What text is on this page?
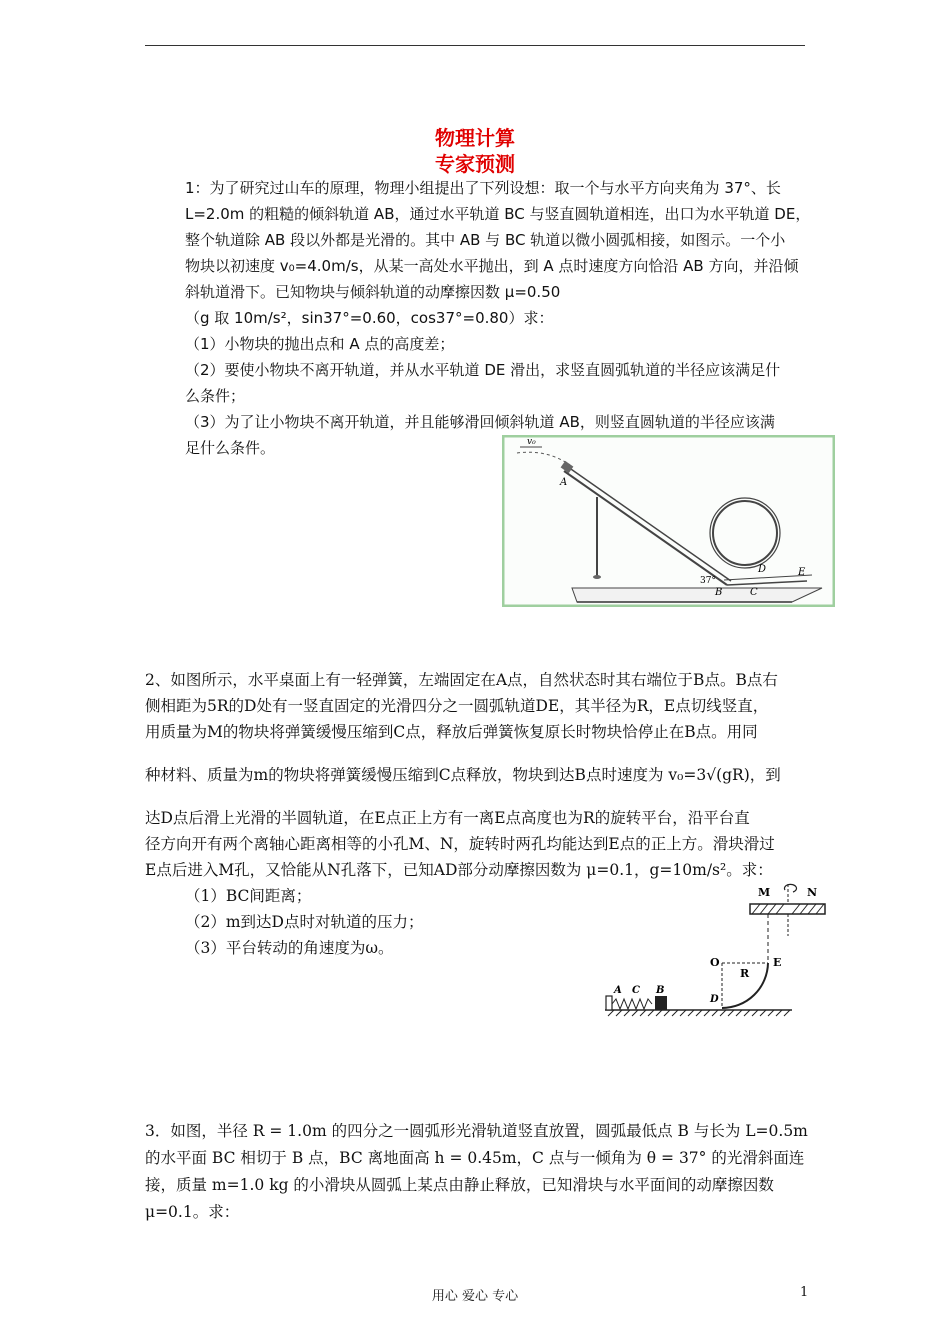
物理计算
专家预测
1：为了研究过山车的原理，物理小组提出了下列设想：取一个与水平方向夹角为 37°、长
L=2.0m 的粗糙的倾斜轨道 AB，通过水平轨道 BC 与竖直圆轨道相连，出口为水平轨道 DE，
整个轨道除 AB 段以外都是光滑的。其中 AB 与 BC 轨道以微小圆弧相接，如图示。一个小
物块以初速度 v₀=4.0m/s，从某一高处水平抛出，到 A 点时速度方向恰沿 AB 方向，并沿倾
斜轨道滑下。已知物块与倾斜轨道的动摩擦因数 μ=0.50
（g 取 10m/s²，sin37°=0.60，cos37°=0.80）求：
（1）小物块的抛出点和 A 点的高度差；
（2）要使小物块不离开轨道，并从水平轨道 DE 滑出，求竖直圆弧轨道的半径应该满足什
么条件；
（3）为了让小物块不离开轨道，并且能够滑回倾斜轨道 AB，则竖直圆轨道的半径应该满
足什么条件。	v₀
A
37°
B	C
D	E
2、如图所示，水平桌面上有一轻弹簧，左端固定在A点，自然状态时其右端位于B点。B点右
侧相距为5R的D处有一竖直固定的光滑四分之一圆弧轨道DE，其半径为R，E点切线竖直，
用质量为M的物块将弹簧缓慢压缩到C点，释放后弹簧恢复原长时物块恰停止在B点。用同
种材料、质量为m的物块将弹簧缓慢压缩到C点释放，物块到达B点时速度为 v₀=3√(gR)，到
达D点后滑上光滑的半圆轨道，在E点正上方有一离E点高度也为R的旋转平台，沿平台直
径方向开有两个离轴心距离相等的小孔M、N，旋转时两孔均能达到E点的正上方。滑块滑过
E点后进入M孔，又恰能从N孔落下，已知AD部分动摩擦因数为 μ=0.1，g=10m/s²。求：
（1）BC间距离；
（2）m到达D点时对轨道的压力；
（3）平台转动的角速度为ω。
M	N
O
R
E
D
A C B
3．如图，半径 R = 1.0m 的四分之一圆弧形光滑轨道竖直放置，圆弧最低点 B 与长为 L=0.5m
的水平面 BC 相切于 B 点，BC 离地面高 h = 0.45m，C 点与一倾角为 θ = 37° 的光滑斜面连
接，质量 m=1.0 kg 的小滑块从圆弧上某点由静止释放，已知滑块与水平面间的动摩擦因数
μ=0.1。求：
用心 爱心 专心	1
